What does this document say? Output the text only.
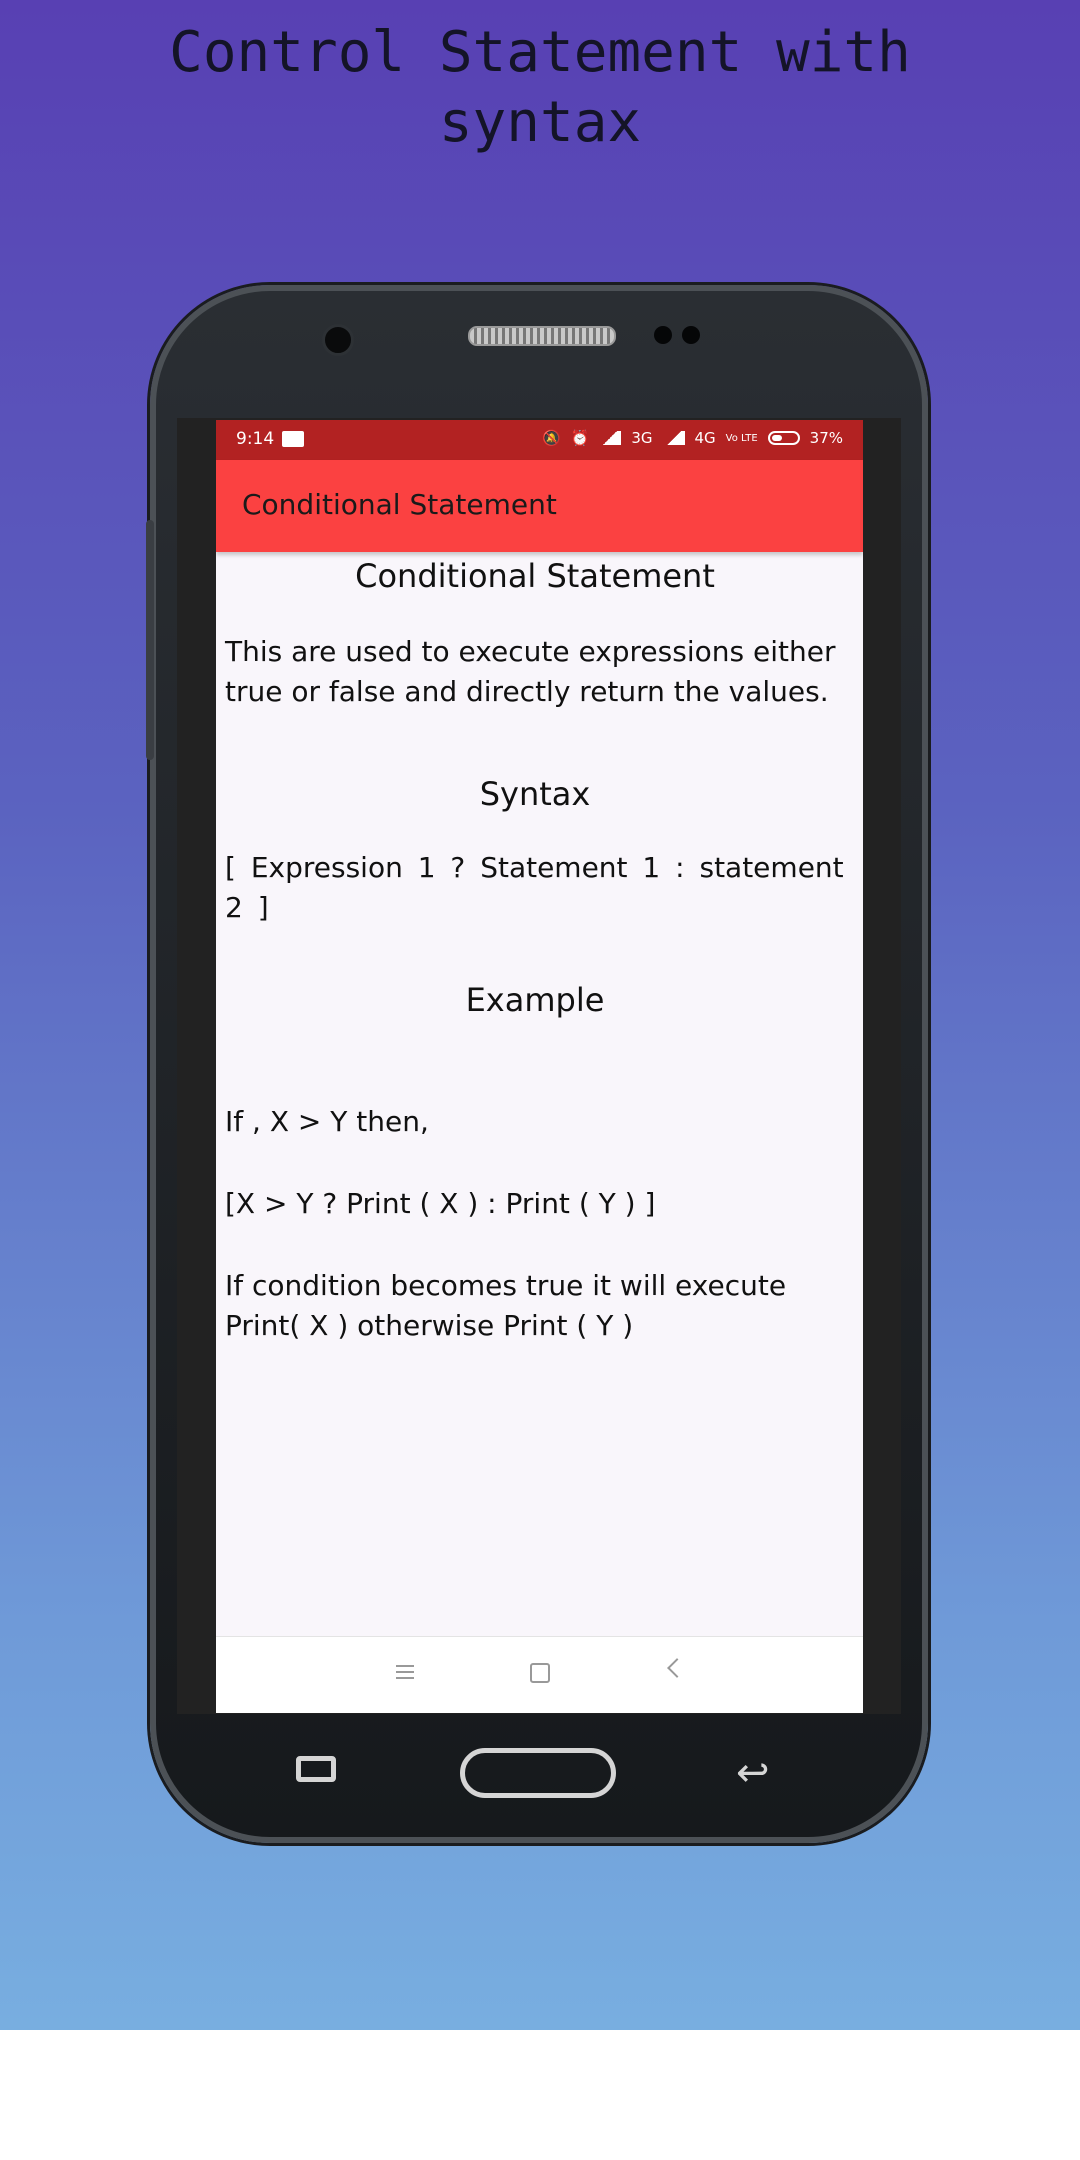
Control Statement with
syntax
9:14	🔕 ⏰	3G	4G Vo LTE	37%
Conditional Statement

Conditional Statement

This are used to execute expressions either true or false and directly return the values.

Syntax

[ Expression 1 ? Statement 1 : statement 2 ]

Example

If , X > Y then,

[X > Y ? Print ( X ) : Print ( Y ) ]

If condition becomes true it will execute Print( X ) otherwise Print ( Y )

↩
